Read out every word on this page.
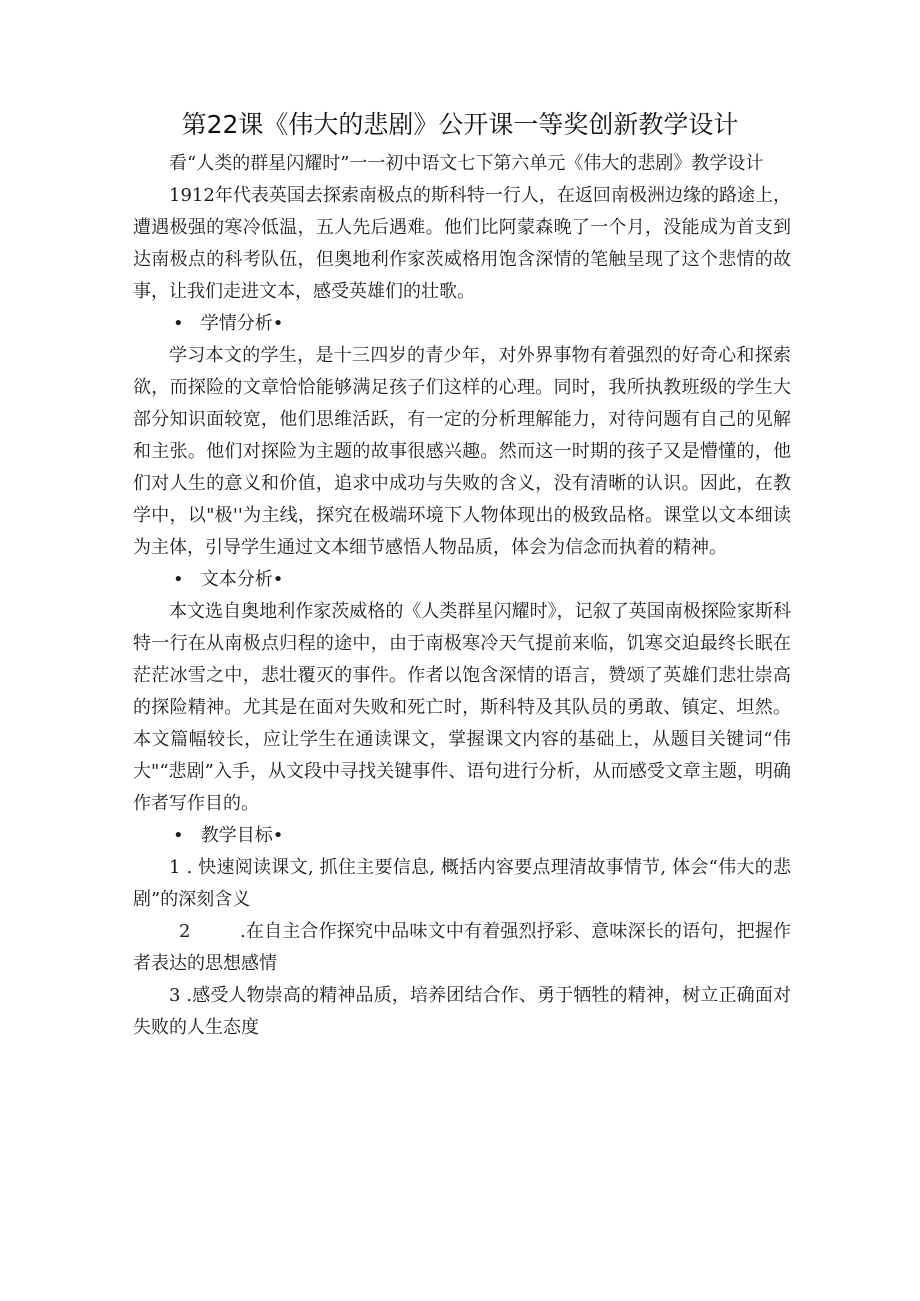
第22课《伟大的悲剧》公开课一等奖创新教学设计

看“人类的群星闪耀时”一一初中语文七下第六单元《伟大的悲剧》教学设计

1912年代表英国去探索南极点的斯科特一行人，在返回南极洲边缘的路途上，遭遇极强的寒冷低温，五人先后遇难。他们比阿蒙森晚了一个月，没能成为首支到达南极点的科考队伍，但奥地利作家茨威格用饱含深情的笔触呈现了这个悲情的故事，让我们走进文本，感受英雄们的壮歌。

•   学情分析•

学习本文的学生，是十三四岁的青少年，对外界事物有着强烈的好奇心和探索欲，而探险的文章恰恰能够满足孩子们这样的心理。同时，我所执教班级的学生大部分知识面较宽，他们思维活跃，有一定的分析理解能力，对待问题有自己的见解和主张。他们对探险为主题的故事很感兴趣。然而这一时期的孩子又是懵懂的，他们对人生的意义和价值，追求中成功与失败的含义，没有清晰的认识。因此，在教学中，以"极''为主线，探究在极端环境下人物体现出的极致品格。课堂以文本细读为主体，引导学生通过文本细节感悟人物品质，体会为信念而执着的精神。

•   文本分析•

本文选自奥地利作家茨威格的《人类群星闪耀时》，记叙了英国南极探险家斯科特一行在从南极点归程的途中，由于南极寒冷天气提前来临，饥寒交迫最终长眠在茫茫冰雪之中，悲壮覆灭的事件。作者以饱含深情的语言，赞颂了英雄们悲壮崇高的探险精神。尤其是在面对失败和死亡时，斯科特及其队员的勇敢、镇定、坦然。本文篇幅较长，应让学生在通读课文，掌握课文内容的基础上，从题目关键词“伟大"“悲剧”入手，从文段中寻找关键事件、语句进行分析，从而感受文章主题，明确作者写作目的。

•   教学目标•

1 . 快速阅读课文, 抓住主要信息, 概括内容要点理清故事情节, 体会“伟大的悲剧”的深刻含义

2	.在自主合作探究中品味文中有着强烈抒彩、意味深长的语句，把握作者表达的思想感情

3 .感受人物崇高的精神品质，培养团结合作、勇于牺牲的精神，树立正确面对失败的人生态度
